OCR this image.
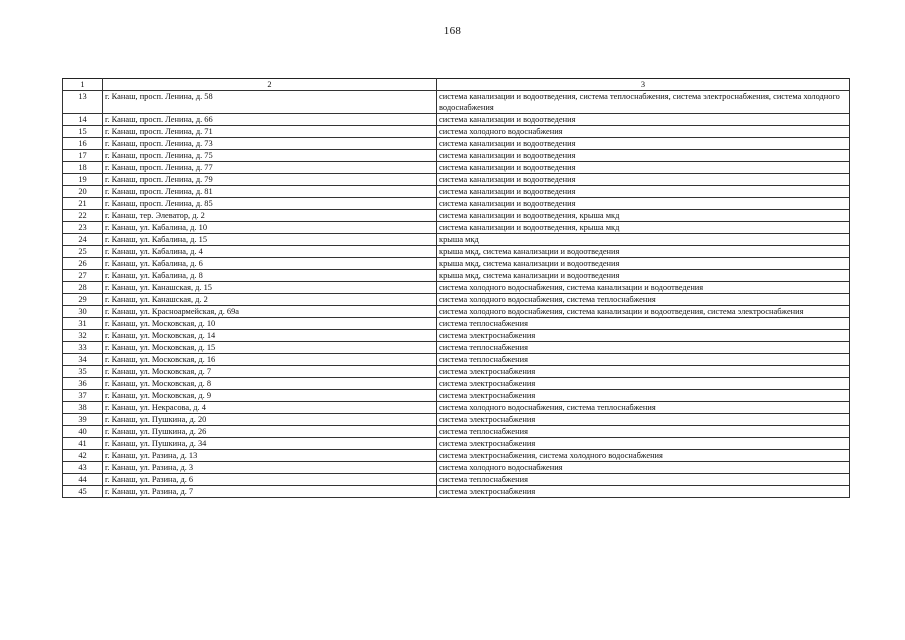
168
1	2	3
13	г. Канаш, просп. Ленина, д. 58	система канализации и водоотведения, система теплоснабжения, система электроснабжения, система холодного водоснабжения
14	г. Канаш, просп. Ленина, д. 66	система канализации и водоотведения
15	г. Канаш, просп. Ленина, д. 71	система холодного водоснабжения
16	г. Канаш, просп. Ленина, д. 73	система канализации и водоотведения
17	г. Канаш, просп. Ленина, д. 75	система канализации и водоотведения
18	г. Канаш, просп. Ленина, д. 77	система канализации и водоотведения
19	г. Канаш, просп. Ленина, д. 79	система канализации и водоотведения
20	г. Канаш, просп. Ленина, д. 81	система канализации и водоотведения
21	г. Канаш, просп. Ленина, д. 85	система канализации и водоотведения
22	г. Канаш, тер. Элеватор, д. 2	система канализации и водоотведения, крыша мкд
23	г. Канаш, ул. Кабалина, д. 10	система канализации и водоотведения, крыша мкд
24	г. Канаш, ул. Кабалина, д. 15	крыша мкд
25	г. Канаш, ул. Кабалина, д. 4	крыша мкд, система канализации и водоотведения
26	г. Канаш, ул. Кабалина, д. 6	крыша мкд, система канализации и водоотведения
27	г. Канаш, ул. Кабалина, д. 8	крыша мкд, система канализации и водоотведения
28	г. Канаш, ул. Канашская, д. 15	система холодного водоснабжения, система канализации и водоотведения
29	г. Канаш, ул. Канашская, д. 2	система холодного водоснабжения, система теплоснабжения
30	г. Канаш, ул. Красноармейская, д. 69а	система холодного водоснабжения, система канализации и водоотведения, система электроснабжения
31	г. Канаш, ул. Московская, д. 10	система теплоснабжения
32	г. Канаш, ул. Московская, д. 14	система электроснабжения
33	г. Канаш, ул. Московская, д. 15	система теплоснабжения
34	г. Канаш, ул. Московская, д. 16	система теплоснабжения
35	г. Канаш, ул. Московская, д. 7	система электроснабжения
36	г. Канаш, ул. Московская, д. 8	система электроснабжения
37	г. Канаш, ул. Московская, д. 9	система электроснабжения
38	г. Канаш, ул. Некрасова, д. 4	система холодного водоснабжения, система теплоснабжения
39	г. Канаш, ул. Пушкина, д. 20	система электроснабжения
40	г. Канаш, ул. Пушкина, д. 26	система теплоснабжения
41	г. Канаш, ул. Пушкина, д. 34	система электроснабжения
42	г. Канаш, ул. Разина, д. 13	система электроснабжения, система холодного водоснабжения
43	г. Канаш, ул. Разина, д. 3	система холодного водоснабжения
44	г. Канаш, ул. Разина, д. 6	система теплоснабжения
45	г. Канаш, ул. Разина, д. 7	система электроснабжения
